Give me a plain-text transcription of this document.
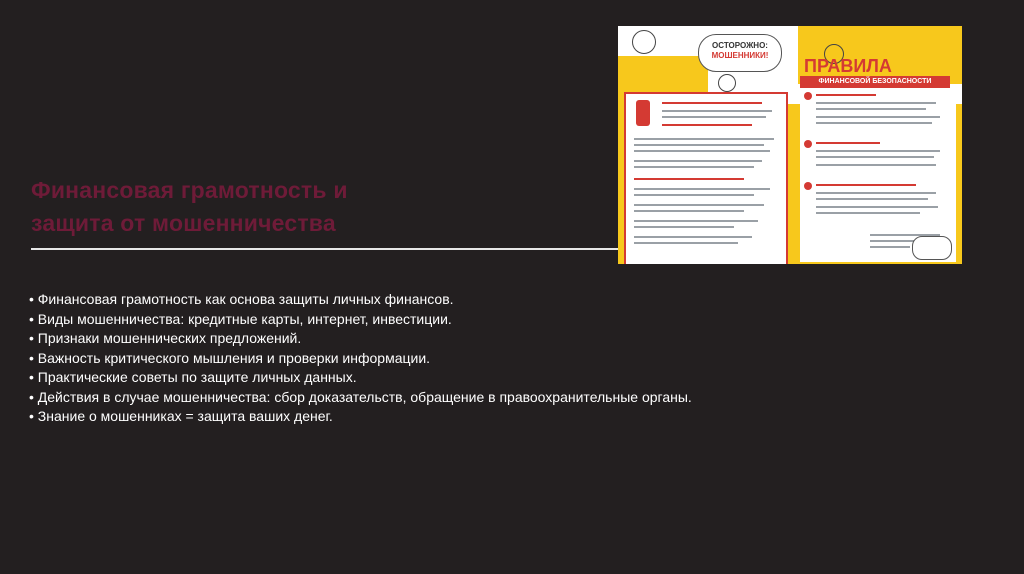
Финансовая грамотность и
защита от мошенничества
• Финансовая грамотность как основа защиты личных финансов.
• Виды мошенничества: кредитные карты, интернет, инвестиции.
• Признаки мошеннических предложений.
• Важность критического мышления и проверки информации.
• Практические советы по защите личных данных.
• Действия в случае мошенничества: сбор доказательств, обращение в правоохранительные органы.
• Знание о мошенниках = защита ваших денег.
ОСТОРОЖНО:
МОШЕННИКИ!
ПРАВИЛА
ФИНАНСОВОЙ БЕЗОПАСНОСТИ
